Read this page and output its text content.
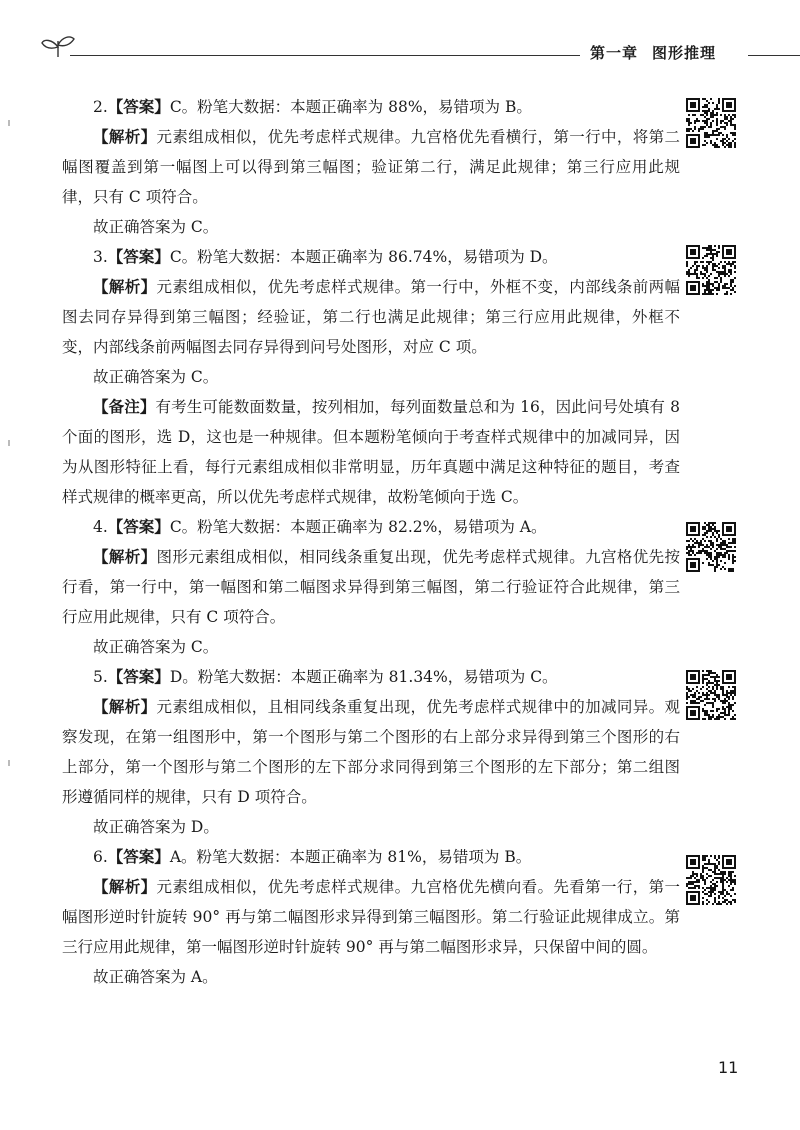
第一章 图形推理

2.【答案】C。粉笔大数据：本题正确率为 88%，易错项为 B。

【解析】元素组成相似，优先考虑样式规律。九宫格优先看横行，第一行中，将第二幅图覆盖到第一幅图上可以得到第三幅图；验证第二行，满足此规律；第三行应用此规律，只有 C 项符合。

故正确答案为 C。

3.【答案】C。粉笔大数据：本题正确率为 86.74%，易错项为 D。

【解析】元素组成相似，优先考虑样式规律。第一行中，外框不变，内部线条前两幅图去同存异得到第三幅图；经验证，第二行也满足此规律；第三行应用此规律，外框不变，内部线条前两幅图去同存异得到问号处图形，对应 C 项。

故正确答案为 C。

【备注】有考生可能数面数量，按列相加，每列面数量总和为 16，因此问号处填有 8 个面的图形，选 D，这也是一种规律。但本题粉笔倾向于考查样式规律中的加减同异，因为从图形特征上看，每行元素组成相似非常明显，历年真题中满足这种特征的题目，考查样式规律的概率更高，所以优先考虑样式规律，故粉笔倾向于选 C。

4.【答案】C。粉笔大数据：本题正确率为 82.2%，易错项为 A。

【解析】图形元素组成相似，相同线条重复出现，优先考虑样式规律。九宫格优先按行看，第一行中，第一幅图和第二幅图求异得到第三幅图，第二行验证符合此规律，第三行应用此规律，只有 C 项符合。

故正确答案为 C。

5.【答案】D。粉笔大数据：本题正确率为 81.34%，易错项为 C。

【解析】元素组成相似，且相同线条重复出现，优先考虑样式规律中的加减同异。观察发现，在第一组图形中，第一个图形与第二个图形的右上部分求异得到第三个图形的右上部分，第一个图形与第二个图形的左下部分求同得到第三个图形的左下部分；第二组图形遵循同样的规律，只有 D 项符合。

故正确答案为 D。

6.【答案】A。粉笔大数据：本题正确率为 81%，易错项为 B。

【解析】元素组成相似，优先考虑样式规律。九宫格优先横向看。先看第一行，第一幅图形逆时针旋转 90° 再与第二幅图形求异得到第三幅图形。第二行验证此规律成立。第三行应用此规律，第一幅图形逆时针旋转 90° 再与第二幅图形求异，只保留中间的圆。

故正确答案为 A。

11
